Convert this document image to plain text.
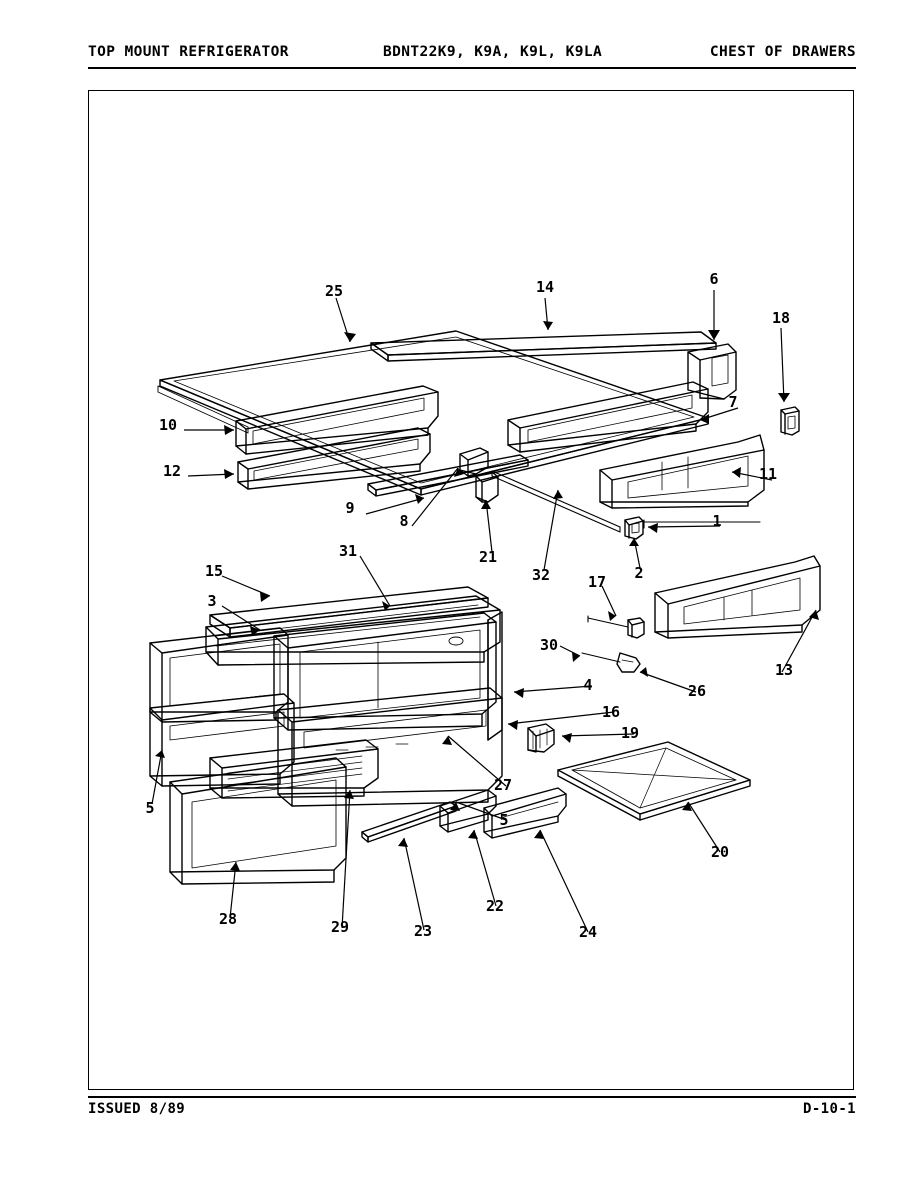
TOP MOUNT REFRIGERATOR	BDNT22K9, K9A, K9L, K9LA	CHEST OF DRAWERS
25	14	6
18
10
7
12	11
9
8	1
21
32	2
31
15
17
3
30
13
4	26
16
19
5
27
5
20
28	29	23
22
24
ISSUED 8/89	D-10-1
